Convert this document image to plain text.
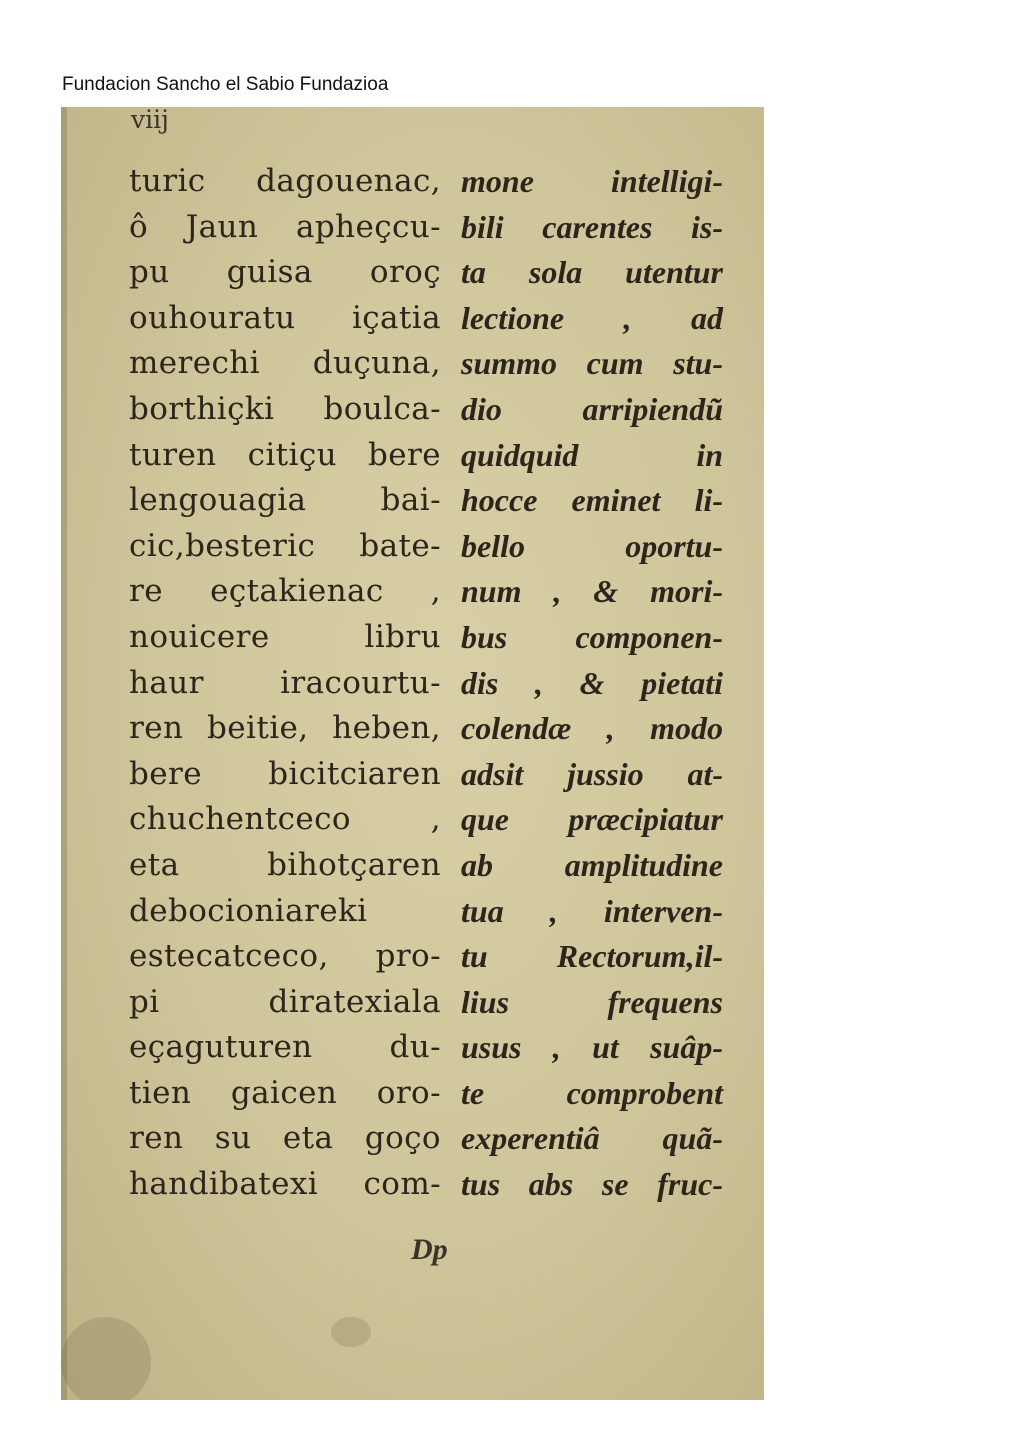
Fundacion Sancho el Sabio Fundazioa
viij
turic dagouenac,
ô Jaun apheçcu-
pu guisa oroç
ouhouratu içatia
merechi duçuna,
borthiçki boulca-
turen citiçu bere
lengouagia bai-
cic,besteric bate-
re eçtakienac ,
nouicere libru
haur iracourtu-
ren beitie, heben,
bere bicitciaren
chuchentceco ,
eta bihotçaren
debocioniareki
estecatceco, pro-
pi diratexiala
eçaguturen du-
tien gaicen oro-
ren su eta goço
handibatexi com-
mone intelligi-
bili carentes is-
ta sola utentur
lectione , ad
summo cum stu-
dio arripiendũ
quidquid in
hocce eminet li-
bello oportu-
num , & mori-
bus componen-
dis , & pietati
colendæ , modo
adsit jussio at-
que præcipiatur
ab amplitudine
tua , interven-
tu Rectorum,il-
lius frequens
usus , ut suâp-
te comprobent
experentiâ quã-
tus abs se fruc-
Dp
